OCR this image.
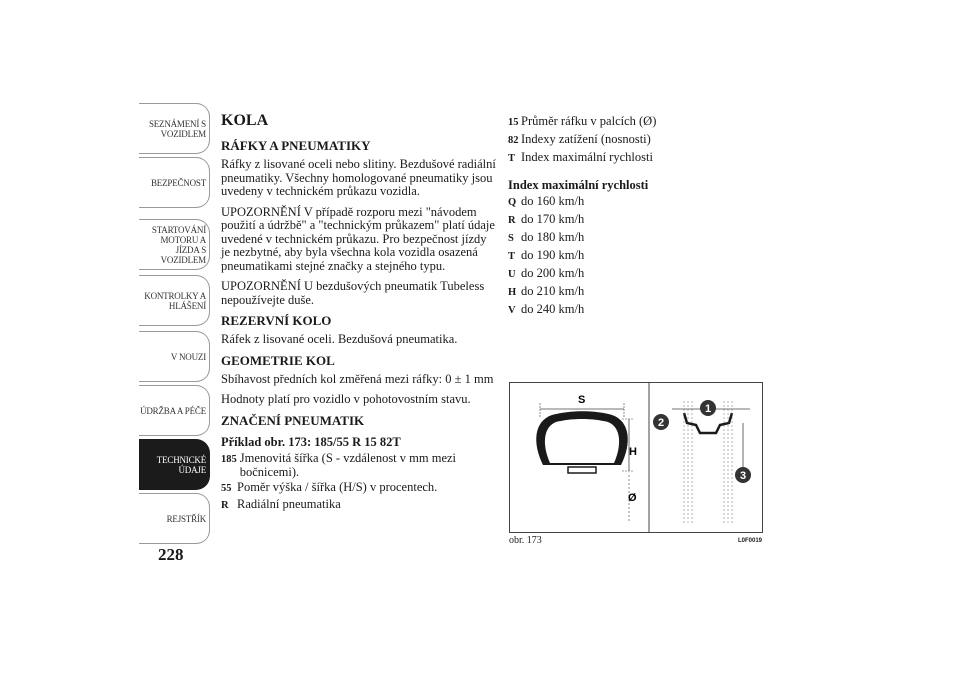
SEZNÁMENÍ S VOZIDLEM
BEZPEČNOST
STARTOVÁNÍ MOTORU A JÍZDA S VOZIDLEM
KONTROLKY A HLÁŠENÍ
V NOUZI
ÚDRŽBA A PÉČE
TECHNICKÉ ÚDAJE
REJSTŘÍK
228
KOLA
RÁFKY A PNEUMATIKY
Ráfky z lisované oceli nebo slitiny. Bezdušové radiální pneumatiky. Všechny homologované pneumatiky jsou uvedeny v technickém průkazu vozidla.
UPOZORNĚNÍ V případě rozporu mezi "návodem použití a údržbě" a "technickým průkazem" platí údaje uvedené v technickém průkazu. Pro bezpečnost jízdy je nezbytné, aby byla všechna kola vozidla osazená pneumatikami stejné značky a stejného typu.
UPOZORNĚNÍ U bezdušových pneumatik Tubeless nepoužívejte duše.
REZERVNÍ KOLO
Ráfek z lisované oceli. Bezdušová pneumatika.
GEOMETRIE KOL
Sbíhavost předních kol změřená mezi ráfky: 0 ± 1 mm
Hodnoty platí pro vozidlo v pohotovostním stavu.
ZNAČENÍ PNEUMATIK
Příklad obr. 173: 185/55 R 15 82T
185 Jmenovitá šířka (S - vzdálenost v mm mezi bočnicemi).
55 Poměr výška / šířka (H/S) v procentech.
R Radiální pneumatika
15 Průměr ráfku v palcích (Ø)
82 Indexy zatížení (nosnosti)
T Index maximální rychlosti
Index maximální rychlosti
Q do 160 km/h
R do 170 km/h
S do 180 km/h
T do 190 km/h
U do 200 km/h
H do 210 km/h
V do 240 km/h
S
H
Ø
1
2
3
obr. 173	L0F0019
